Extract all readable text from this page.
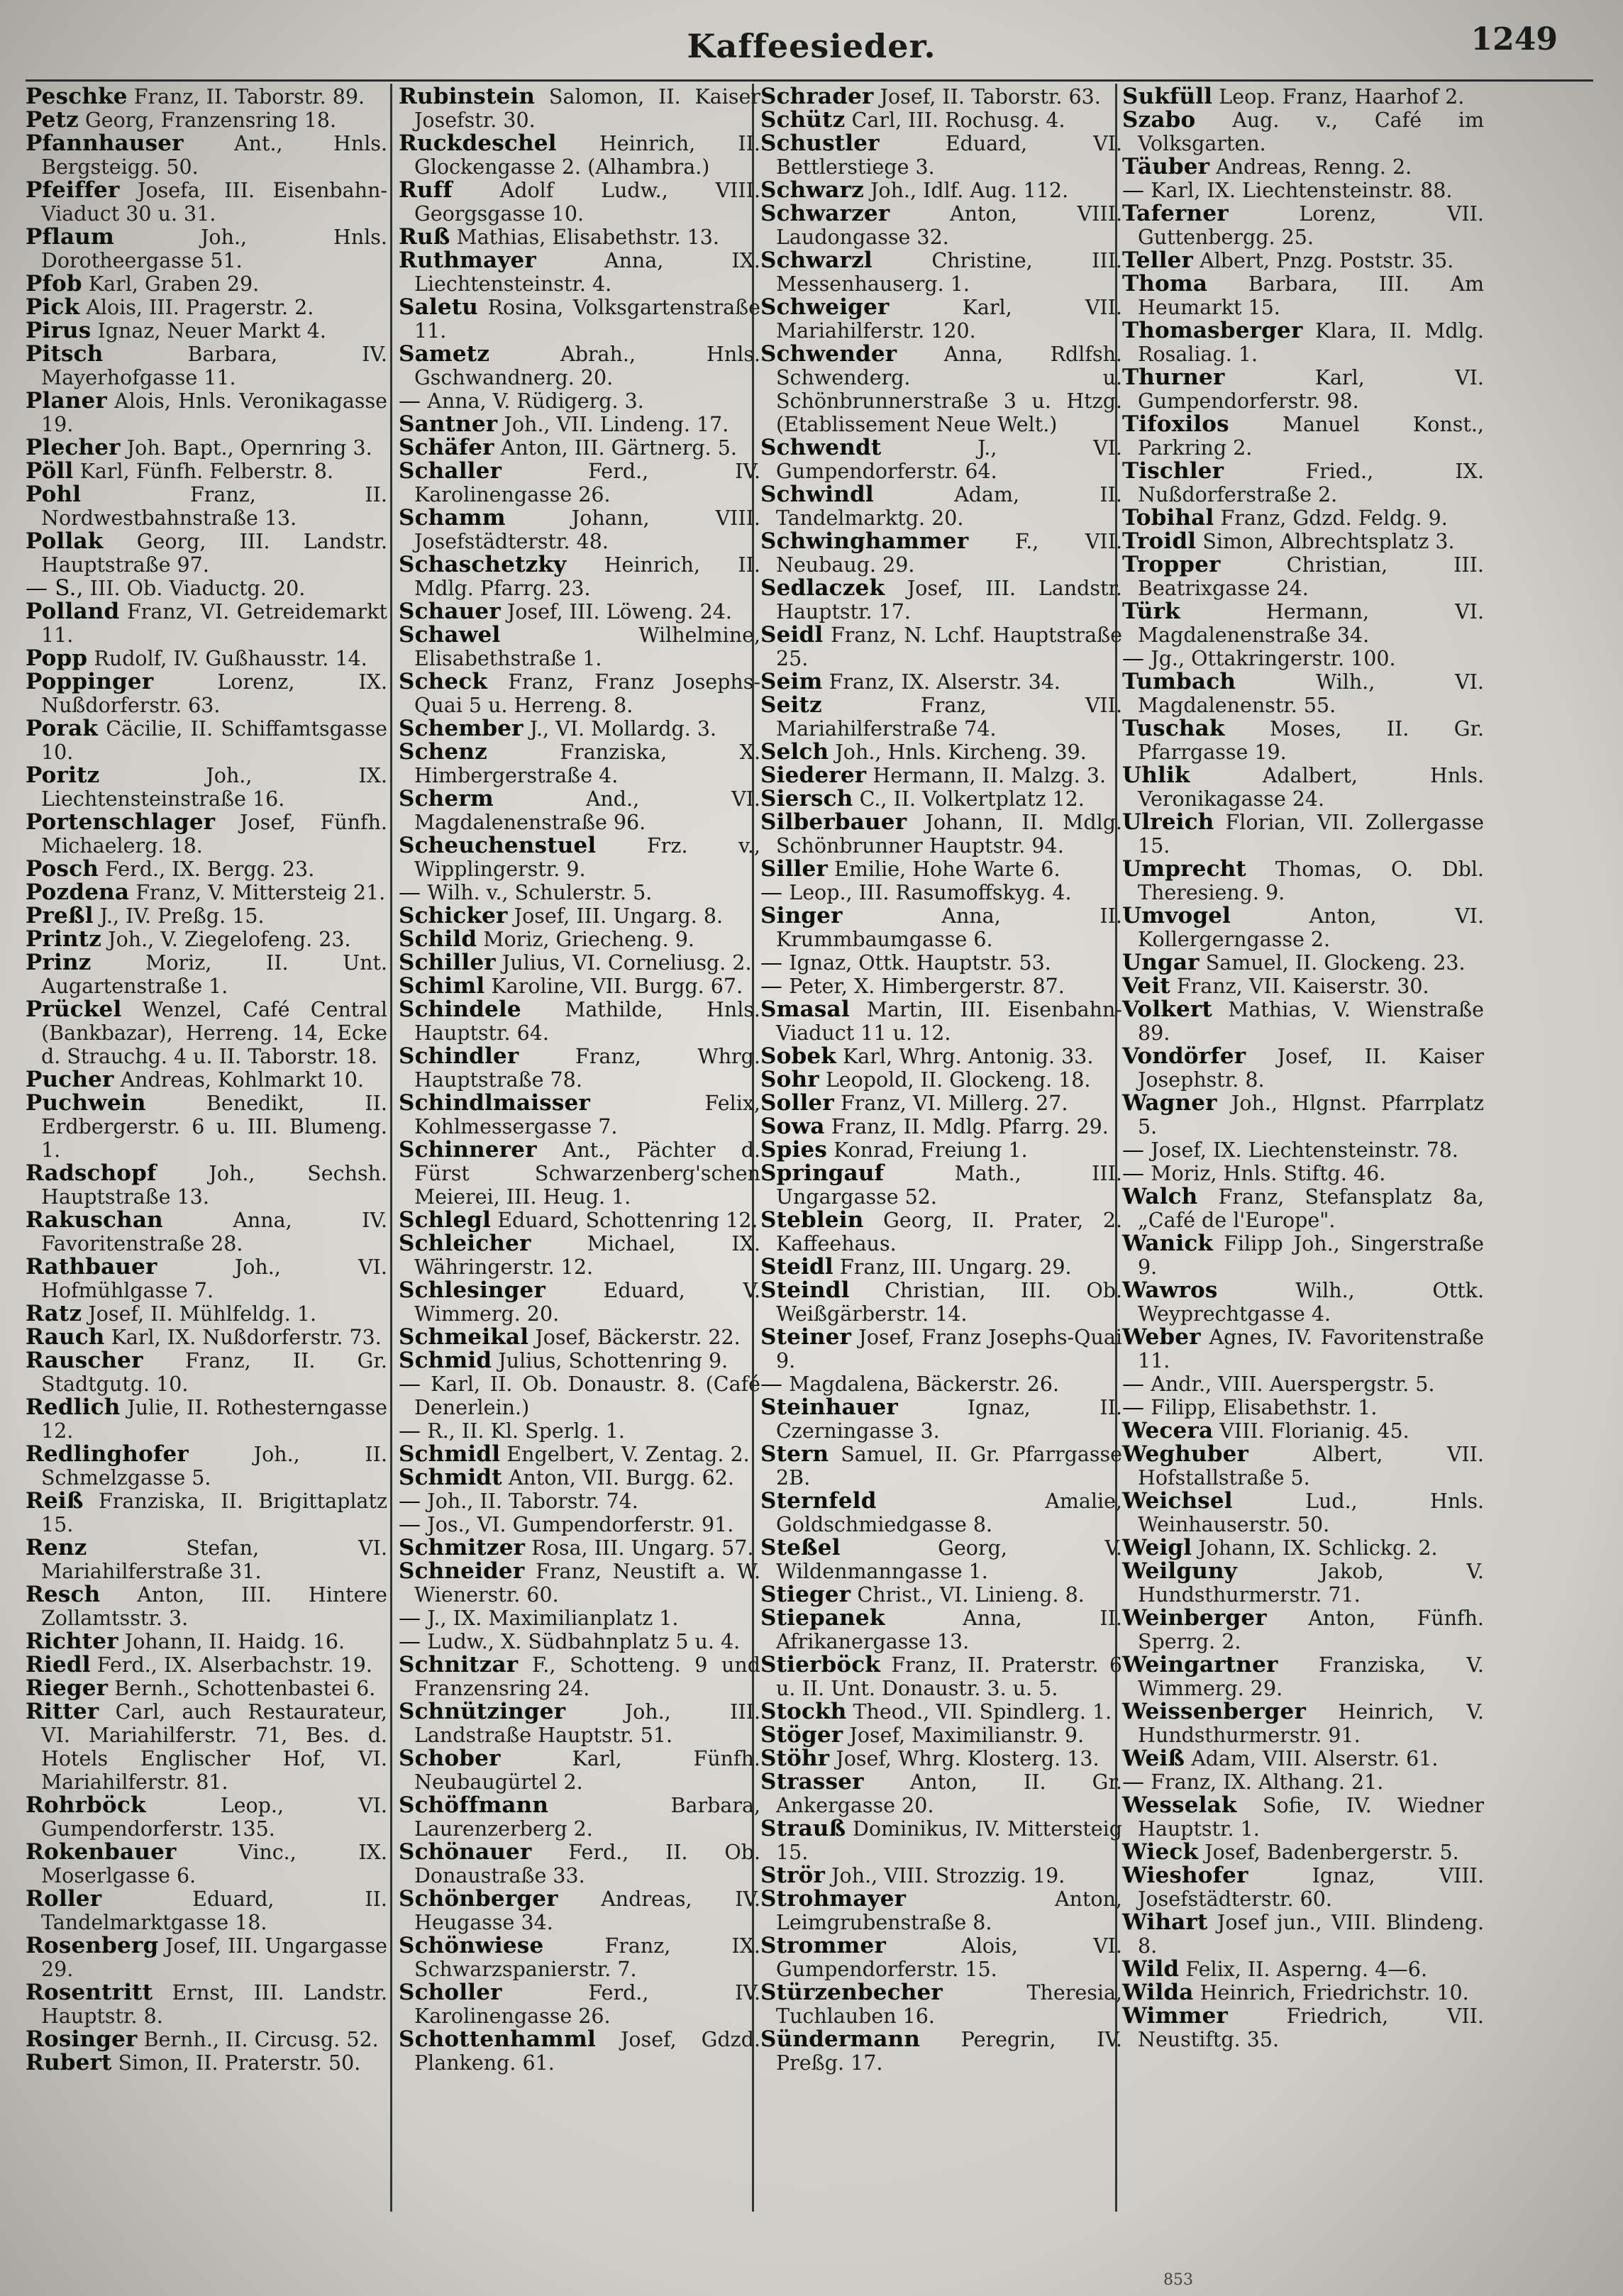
Kaffeesieder.	1249

Peschke Franz, II. Taborstr. 89.

Petz Georg, Franzensring 18.

Pfannhauser	Ant., Hnls. Bergsteigg. 50.

Pfeiffer Josefa, III. Eisenbahn-Viaduct 30 u. 31.

Pflaum	Joh., Hnls. Dorotheergasse 51.

Pfob Karl, Graben 29.

Pick Alois, III. Pragerstr. 2.

Pirus Ignaz, Neuer Markt 4.

Pitsch	Barbara, IV. Mayerhofgasse 11.

Planer Alois, Hnls. Veronikagasse 19.

Plecher Joh. Bapt., Opernring 3.

Pöll Karl, Fünfh. Felberstr. 8.

Pohl	Franz, II. Nordwestbahnstraße 13.

Pollak Georg, III. Landstr. Hauptstraße 97.

— S., III. Ob. Viaductg. 20.

Polland Franz, VI. Getreidemarkt 11.

Popp Rudolf, IV. Gußhausstr. 14.

Poppinger	Lorenz, IX. Nußdorferstr. 63.

Porak Cäcilie, II. Schiffamtsgasse 10.

Poritz	Joh., IX. Liechtensteinstraße 16.

Portenschlager Josef, Fünfh. Michaelerg. 18.

Posch Ferd., IX. Bergg. 23.

Pozdena Franz, V. Mittersteig 21.

Preßl J., IV. Preßg. 15.

Printz Joh., V. Ziegelofeng. 23.

Prinz	Moriz, II. Unt. Augartenstraße 1.

Prückel Wenzel, Café Central (Bankbazar), Herreng. 14, Ecke d. Strauchg. 4 u. II. Taborstr. 18.

Pucher Andreas, Kohlmarkt 10.

Puchwein	Benedikt, II. Erdbergerstr. 6 u. III. Blumeng. 1.

Radschopf	Joh., Sechsh. Hauptstraße 13.

Rakuschan	Anna, IV. Favoritenstraße 28.

Rathbauer	Joh., VI. Hofmühlgasse 7.

Ratz Josef, II. Mühlfeldg. 1.

Rauch Karl, IX. Nußdorferstr. 73.

Rauscher Franz, II. Gr. Stadtgutg. 10.

Redlich Julie, II. Rothesterngasse 12.

Redlinghofer	Joh., II. Schmelzgasse 5.

Reiß Franziska, II. Brigittaplatz 15.

Renz	Stefan, VI. Mariahilferstraße 31.

Resch Anton, III. Hintere Zollamtsstr. 3.

Richter Johann, II. Haidg. 16.

Riedl Ferd., IX. Alserbachstr. 19.

Rieger Bernh., Schottenbastei 6.

Ritter Carl, auch Restaurateur, VI. Mariahilferstr. 71, Bes. d. Hotels Englischer Hof, VI. Mariahilferstr. 81.

Rohrböck	Leop., VI. Gumpendorferstr. 135.

Rokenbauer	Vinc., IX. Moserlgasse 6.

Roller	Eduard, II. Tandelmarktgasse 18.

Rosenberg Josef, III. Ungargasse 29.

Rosentritt Ernst, III. Landstr. Hauptstr. 8.

Rosinger Bernh., II. Circusg. 52.

Rubert Simon, II. Praterstr. 50.

Rubinstein Salomon, II. Kaiser Josefstr. 30.

Ruckdeschel Heinrich, II. Glockengasse 2. (Alhambra.)

Ruff Adolf Ludw., VIII. Georgsgasse 10.

Ruß Mathias, Elisabethstr. 13.

Ruthmayer	Anna, IX. Liechtensteinstr. 4.

Saletu Rosina, Volksgartenstraße 11.

Sametz	Abrah., Hnls. Gschwandnerg. 20.

— Anna, V. Rüdigerg. 3.

Santner Joh., VII. Lindeng. 17.

Schäfer Anton, III. Gärtnerg. 5.

Schaller	Ferd., IV. Karolinengasse 26.

Schamm	Johann, VIII. Josefstädterstr. 48.

Schaschetzky Heinrich, II. Mdlg. Pfarrg. 23.

Schauer Josef, III. Löweng. 24.

Schawel	Wilhelmine, Elisabethstraße 1.

Scheck Franz, Franz Josephs-Quai 5 u. Herreng. 8.

Schember J., VI. Mollardg. 3.

Schenz	Franziska, X. Himbergerstraße 4.

Scherm	And., VI. Magdalenenstraße 96.

Scheuchenstuel	Frz. v., Wipplingerstr. 9.

— Wilh. v., Schulerstr. 5.

Schicker Josef, III. Ungarg. 8.

Schild Moriz, Griecheng. 9.

Schiller Julius, VI. Corneliusg. 2.

Schiml Karoline, VII. Burgg. 67.

Schindele Mathilde, Hnls. Hauptstr. 64.

Schindler	Franz, Whrg. Hauptstraße 78.

Schindlmaisser	Felix, Kohlmessergasse 7.

Schinnerer Ant., Pächter d. Fürst Schwarzenberg'schen Meierei, III. Heug. 1.

Schlegl Eduard, Schottenring 12.

Schleicher	Michael, IX. Währingerstr. 12.

Schlesinger	Eduard, V. Wimmerg. 20.

Schmeikal Josef, Bäckerstr. 22.

Schmid Julius, Schottenring 9.

— Karl, II. Ob. Donaustr. 8. (Café Denerlein.)

— R., II. Kl. Sperlg. 1.

Schmidl Engelbert, V. Zentag. 2.

Schmidt Anton, VII. Burgg. 62.

— Joh., II. Taborstr. 74.

— Jos., VI. Gumpendorferstr. 91.

Schmitzer Rosa, III. Ungarg. 57.

Schneider Franz, Neustift a. W. Wienerstr. 60.

— J., IX. Maximilianplatz 1.

— Ludw., X. Südbahnplatz 5 u. 4.

Schnitzar F., Schotteng. 9 und Franzensring 24.

Schnützinger	Joh., III. Landstraße Hauptstr. 51.

Schober	Karl, Fünfh. Neubaugürtel 2.

Schöffmann	Barbara, Laurenzerberg 2.

Schönauer Ferd., II. Ob. Donaustraße 33.

Schönberger Andreas, IV. Heugasse 34.

Schönwiese	Franz, IX. Schwarzspanierstr. 7.

Scholler	Ferd., IV. Karolinengasse 26.

Schottenhamml Josef, Gdzd. Plankeng. 61.

Schrader Josef, II. Taborstr. 63.

Schütz Carl, III. Rochusg. 4.

Schustler	Eduard, VI. Bettlerstiege 3.

Schwarz Joh., Idlf. Aug. 112.

Schwarzer	Anton, VIII. Laudongasse 32.

Schwarzl	Christine, III. Messenhauserg. 1.

Schweiger	Karl, VII. Mariahilferstr. 120.

Schwender Anna, Rdlfsh. Schwenderg. u. Schönbrunnerstraße 3 u. Htzg. (Etablissement Neue Welt.)

Schwendt	J., VI. Gumpendorferstr. 64.

Schwindl	Adam, II. Tandelmarktg. 20.

Schwinghammer F., VII. Neubaug. 29.

Sedlaczek Josef, III. Landstr. Hauptstr. 17.

Seidl Franz, N. Lchf. Hauptstraße 25.

Seim Franz, IX. Alserstr. 34.

Seitz	Franz, VII. Mariahilferstraße 74.

Selch Joh., Hnls. Kircheng. 39.

Siederer Hermann, II. Malzg. 3.

Siersch C., II. Volkertplatz 12.

Silberbauer Johann, II. Mdlg. Schönbrunner Hauptstr. 94.

Siller Emilie, Hohe Warte 6.

— Leop., III. Rasumoffskyg. 4.

Singer	Anna, II. Krummbaumgasse 6.

— Ignaz, Ottk. Hauptstr. 53.

— Peter, X. Himbergerstr. 87.

Smasal Martin, III. Eisenbahn-Viaduct 11 u. 12.

Sobek Karl, Whrg. Antonig. 33.

Sohr Leopold, II. Glockeng. 18.

Soller Franz, VI. Millerg. 27.

Sowa Franz, II. Mdlg. Pfarrg. 29.

Spies Konrad, Freiung 1.

Springauf	Math., III. Ungargasse 52.

Steblein Georg, II. Prater, 2. Kaffeehaus.

Steidl Franz, III. Ungarg. 29.

Steindl Christian, III. Ob. Weißgärberstr. 14.

Steiner Josef, Franz Josephs-Quai 9.

— Magdalena, Bäckerstr. 26.

Steinhauer	Ignaz, II. Czerningasse 3.

Stern Samuel, II. Gr. Pfarrgasse 2B.

Sternfeld	Amalie, Goldschmiedgasse 8.

Steßel	Georg, V. Wildenmanngasse 1.

Stieger Christ., VI. Linieng. 8.

Stiepanek	Anna, II. Afrikanergasse 13.

Stierböck Franz, II. Praterstr. 6 u. II. Unt. Donaustr. 3. u. 5.

Stockh Theod., VII. Spindlerg. 1.

Stöger Josef, Maximilianstr. 9.

Stöhr Josef, Whrg. Klosterg. 13.

Strasser Anton, II. Gr. Ankergasse 20.

Strauß Dominikus, IV. Mittersteig 15.

Strör Joh., VIII. Strozzig. 19.

Strohmayer	Anton, Leimgrubenstraße 8.

Strommer	Alois, VI. Gumpendorferstr. 15.

Stürzenbecher	Theresia, Tuchlauben 16.

Sündermann Peregrin, IV. Preßg. 17.

Sukfüll Leop. Franz, Haarhof 2.

Szabo Aug. v., Café im Volksgarten.

Täuber Andreas, Renng. 2.

— Karl, IX. Liechtensteinstr. 88.

Taferner	Lorenz, VII. Guttenbergg. 25.

Teller Albert, Pnzg. Poststr. 35.

Thoma Barbara, III. Am Heumarkt 15.

Thomasberger Klara, II. Mdlg. Rosaliag. 1.

Thurner	Karl, VI. Gumpendorferstr. 98.

Tifoxilos	Manuel Konst., Parkring 2.

Tischler	Fried., IX. Nußdorferstraße 2.

Tobihal Franz, Gdzd. Feldg. 9.

Troidl Simon, Albrechtsplatz 3.

Tropper	Christian, III. Beatrixgasse 24.

Türk	Hermann, VI. Magdalenenstraße 34.

— Jg., Ottakringerstr. 100.

Tumbach	Wilh., VI. Magdalenenstr. 55.

Tuschak Moses, II. Gr. Pfarrgasse 19.

Uhlik	Adalbert, Hnls. Veronikagasse 24.

Ulreich Florian, VII. Zollergasse 15.

Umprecht Thomas, O. Dbl. Theresieng. 9.

Umvogel	Anton, VI. Kollergerngasse 2.

Ungar Samuel, II. Glockeng. 23.

Veit Franz, VII. Kaiserstr. 30.

Volkert Mathias, V. Wienstraße 89.

Vondörfer Josef, II. Kaiser Josephstr. 8.

Wagner Joh., Hlgnst. Pfarrplatz 5.

— Josef, IX. Liechtensteinstr. 78.

— Moriz, Hnls. Stiftg. 46.

Walch Franz, Stefansplatz 8a, „Café de l'Europe".

Wanick Filipp Joh., Singerstraße 9.

Wawros	Wilh., Ottk. Weyprechtgasse 4.

Weber Agnes, IV. Favoritenstraße 11.

— Andr., VIII. Auerspergstr. 5.

— Filipp, Elisabethstr. 1.

Wecera VIII. Florianig. 45.

Weghuber	Albert, VII. Hofstallstraße 5.

Weichsel	Lud., Hnls. Weinhauserstr. 50.

Weigl Johann, IX. Schlickg. 2.

Weilguny	Jakob, V. Hundsthurmerstr. 71.

Weinberger Anton, Fünfh. Sperrg. 2.

Weingartner Franziska, V. Wimmerg. 29.

Weissenberger Heinrich, V. Hundsthurmerstr. 91.

Weiß Adam, VIII. Alserstr. 61.

— Franz, IX. Althang. 21.

Wesselak Sofie, IV. Wiedner Hauptstr. 1.

Wieck Josef, Badenbergerstr. 5.

Wieshofer	Ignaz, VIII. Josefstädterstr. 60.

Wihart Josef jun., VIII. Blindeng. 8.

Wild Felix, II. Asperng. 4—6.

Wilda Heinrich, Friedrichstr. 10.

Wimmer	Friedrich, VII. Neustiftg. 35.

853
